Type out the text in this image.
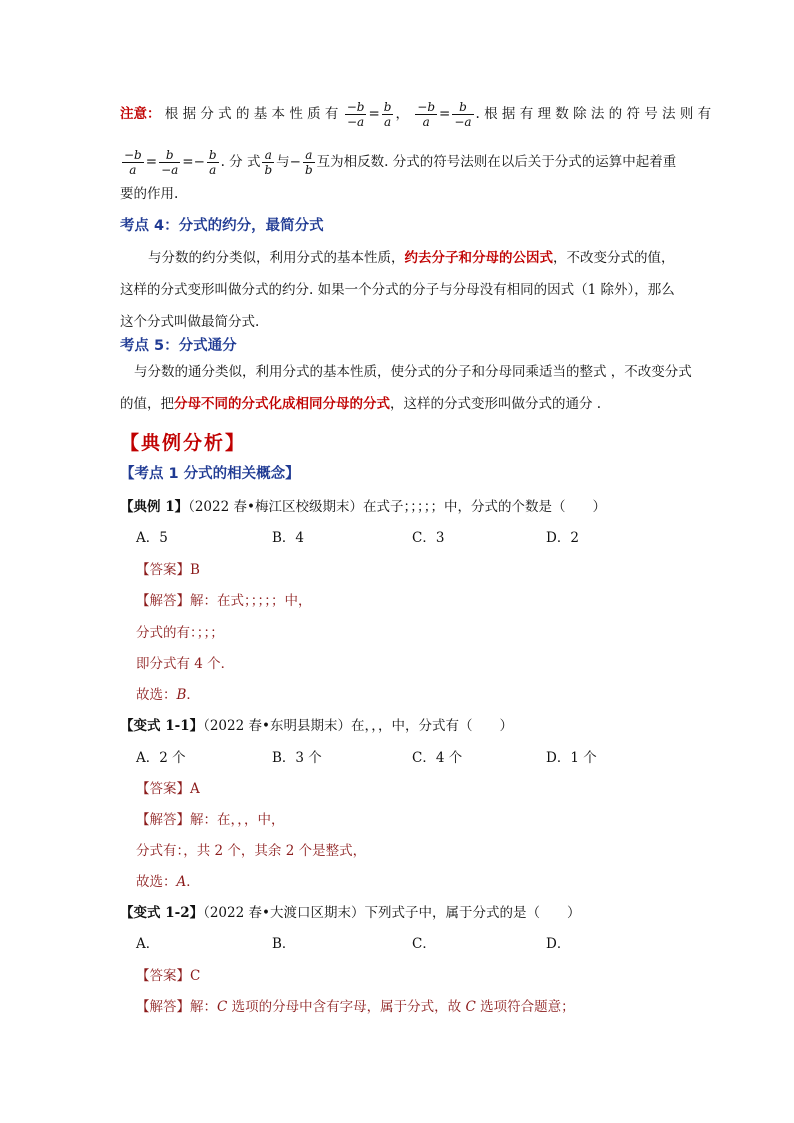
注意： 根 据 分 式 的 基 本 性 质 有 $\frac{-b}{-a} = \frac{b}{a}$ ， $\frac{-b}{a} = \frac{b}{-a}$ . 根 据 有 理 数 除 法 的 符 号 法 则 有
$\frac{-b}{a} = \frac{b}{-a} =- \frac{b}{a}$ . 分 式 $\frac{a}{b}$ 与− $\frac{a}{b}$ 互为相反数. 分式的符号法则在以后关于分式的运算中起着重
要的作用.
考点 4：分式的约分，最简分式
与分数的约分类似，利用分式的基本性质，约去分子和分母的公因式，不改变分式的值，
这样的分式变形叫做分式的约分. 如果一个分式的分子与分母没有相同的因式（1 除外），那么
这个分式叫做最简分式.
考点 5：分式通分
与分数的通分类似，利用分式的基本性质，使分式的分子和分母同乘适当的整式 ，不改变分式
的值，把分母不同的分式化成相同分母的分式，这样的分式变形叫做分式的通分 .
【典例分析】
【考点 1 分式的相关概念】
【典例 1】（2022 春•梅江区校级期末）在式子；；；；；中，分式的个数是（　　）
A．5	B．4	C．3	D．2
【答案】B
【解答】解：在式；；；；；中，
分式的有：；；；
即分式有 4 个．
故选：B．
【变式 1-1】（2022 春•东明县期末）在，，，中，分式有（　　）
A．2 个	B．3 个	C．4 个	D．1 个
【答案】A
【解答】解：在，，，中，
分式有：，共 2 个，其余 2 个是整式，
故选：A．
【变式 1-2】（2022 春•大渡口区期末）下列式子中，属于分式的是（　　）
A．	B．	C．	D．
【答案】C
【解答】解：C 选项的分母中含有字母，属于分式，故 C 选项符合题意；
